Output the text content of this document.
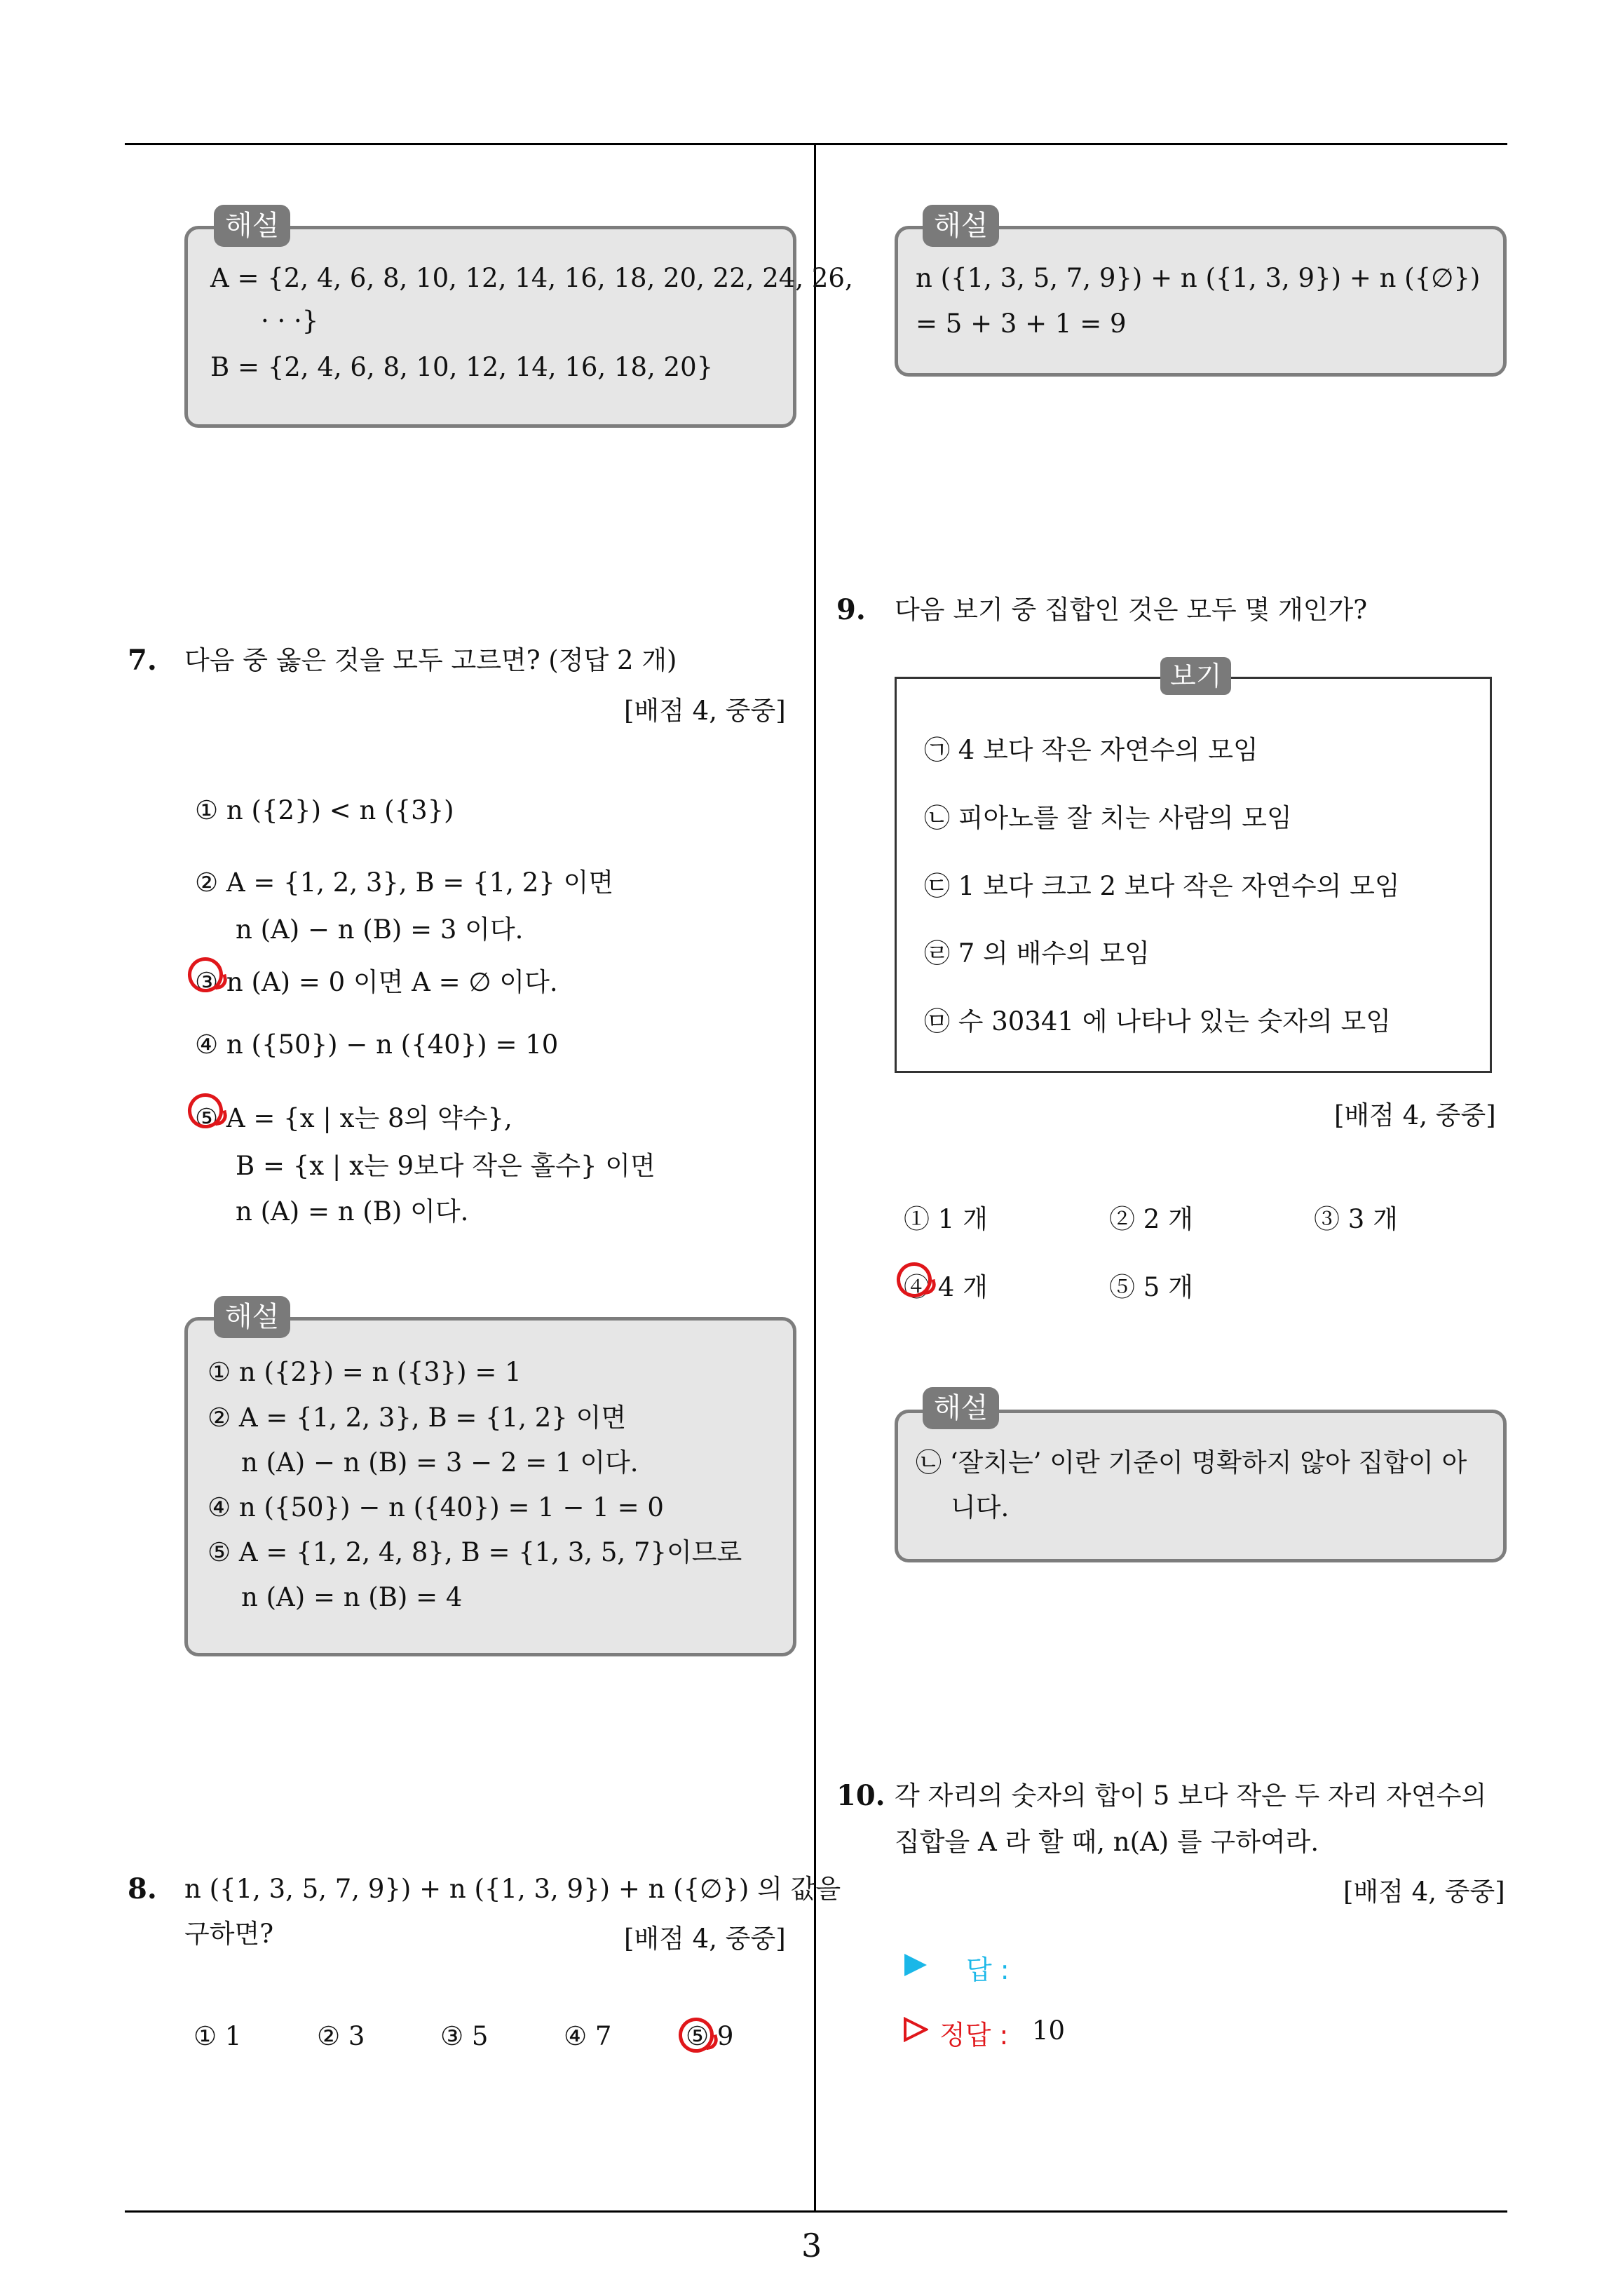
3
해설
A = {2, 4, 6, 8, 10, 12, 14, 16, 18, 20, 22, 24, 26,
· · ·}
B = {2, 4, 6, 8, 10, 12, 14, 16, 18, 20}
7. 다음 중 옳은 것을 모두 고르면? (정답 2 개)
[배점 4, 중중]
① n ({2}) < n ({3})
② A = {1, 2, 3}, B = {1, 2} 이면
n (A) − n (B) = 3 이다.
③ n (A) = 0 이면 A = ∅ 이다.
④ n ({50}) − n ({40}) = 10
⑤ A = {x | x는 8의 약수},
B = {x | x는 9보다 작은 홀수} 이면
n (A) = n (B) 이다.
해설
① n ({2}) = n ({3}) = 1
② A = {1, 2, 3}, B = {1, 2} 이면
n (A) − n (B) = 3 − 2 = 1 이다.
④ n ({50}) − n ({40}) = 1 − 1 = 0
⑤ A = {1, 2, 4, 8}, B = {1, 3, 5, 7}이므로
n (A) = n (B) = 4
8. n ({1, 3, 5, 7, 9}) + n ({1, 3, 9}) + n ({∅}) 의 값을
구하면?	[배점 4, 중중]
① 1	② 3	③ 5	④ 7	⑤ 9
해설
n ({1, 3, 5, 7, 9}) + n ({1, 3, 9}) + n ({∅})
= 5 + 3 + 1 = 9
9. 다음 보기 중 집합인 것은 모두 몇 개인가?
보기
㉠ 4 보다 작은 자연수의 모임
㉡ 피아노를 잘 치는 사람의 모임
㉢ 1 보다 크고 2 보다 작은 자연수의 모임
㉣ 7 의 배수의 모임
㉤ 수 30341 에 나타나 있는 숫자의 모임
[배점 4, 중중]
① 1 개	② 2 개	③ 3 개
④ 4 개	⑤ 5 개
해설
㉡ ‘잘치는’ 이란 기준이 명확하지 않아 집합이 아
니다.
10. 각 자리의 숫자의 합이 5 보다 작은 두 자리 자연수의
집합을 A 라 할 때, n(A) 를 구하여라.
[배점 4, 중중]
답 :
정답 : 10
